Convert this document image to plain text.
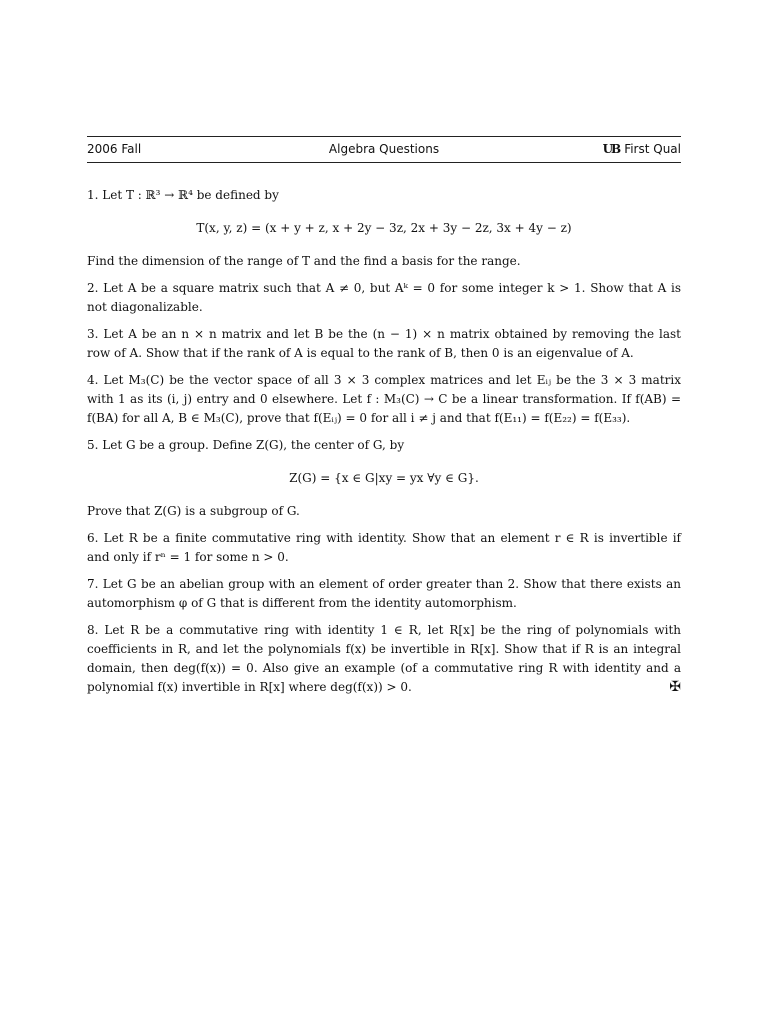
2006 Fall	Algebra Questions	UB First Qual

1. Let T : ℝ³ → ℝ⁴ be defined by

T(x, y, z) = (x + y + z, x + 2y − 3z, 2x + 3y − 2z, 3x + 4y − z)

Find the dimension of the range of T and the find a basis for the range.

2. Let A be a square matrix such that A ≠ 0, but Aᵏ = 0 for some integer k > 1. Show that A is not diagonalizable.

3. Let A be an n × n matrix and let B be the (n − 1) × n matrix obtained by removing the last row of A. Show that if the rank of A is equal to the rank of B, then 0 is an eigenvalue of A.

4. Let M₃(C) be the vector space of all 3 × 3 complex matrices and let Eᵢⱼ be the 3 × 3 matrix with 1 as its (i, j) entry and 0 elsewhere. Let f : M₃(C) → C be a linear transformation. If f(AB) = f(BA) for all A, B ∈ M₃(C), prove that f(Eᵢⱼ) = 0 for all i ≠ j and that f(E₁₁) = f(E₂₂) = f(E₃₃).

5. Let G be a group. Define Z(G), the center of G, by

Z(G) = {x ∈ G|xy = yx ∀y ∈ G}.

Prove that Z(G) is a subgroup of G.

6. Let R be a finite commutative ring with identity. Show that an element r ∈ R is invertible if and only if rⁿ = 1 for some n > 0.

7. Let G be an abelian group with an element of order greater than 2. Show that there exists an automorphism φ of G that is different from the identity automorphism.

8. Let R be a commutative ring with identity 1 ∈ R, let R[x] be the ring of polynomials with coefficients in R, and let the polynomials f(x) be invertible in R[x]. Show that if R is an integral domain, then deg(f(x)) = 0. Also give an example (of a commutative ring R with identity and a polynomial f(x) invertible in R[x] where deg(f(x)) > 0.	✠
